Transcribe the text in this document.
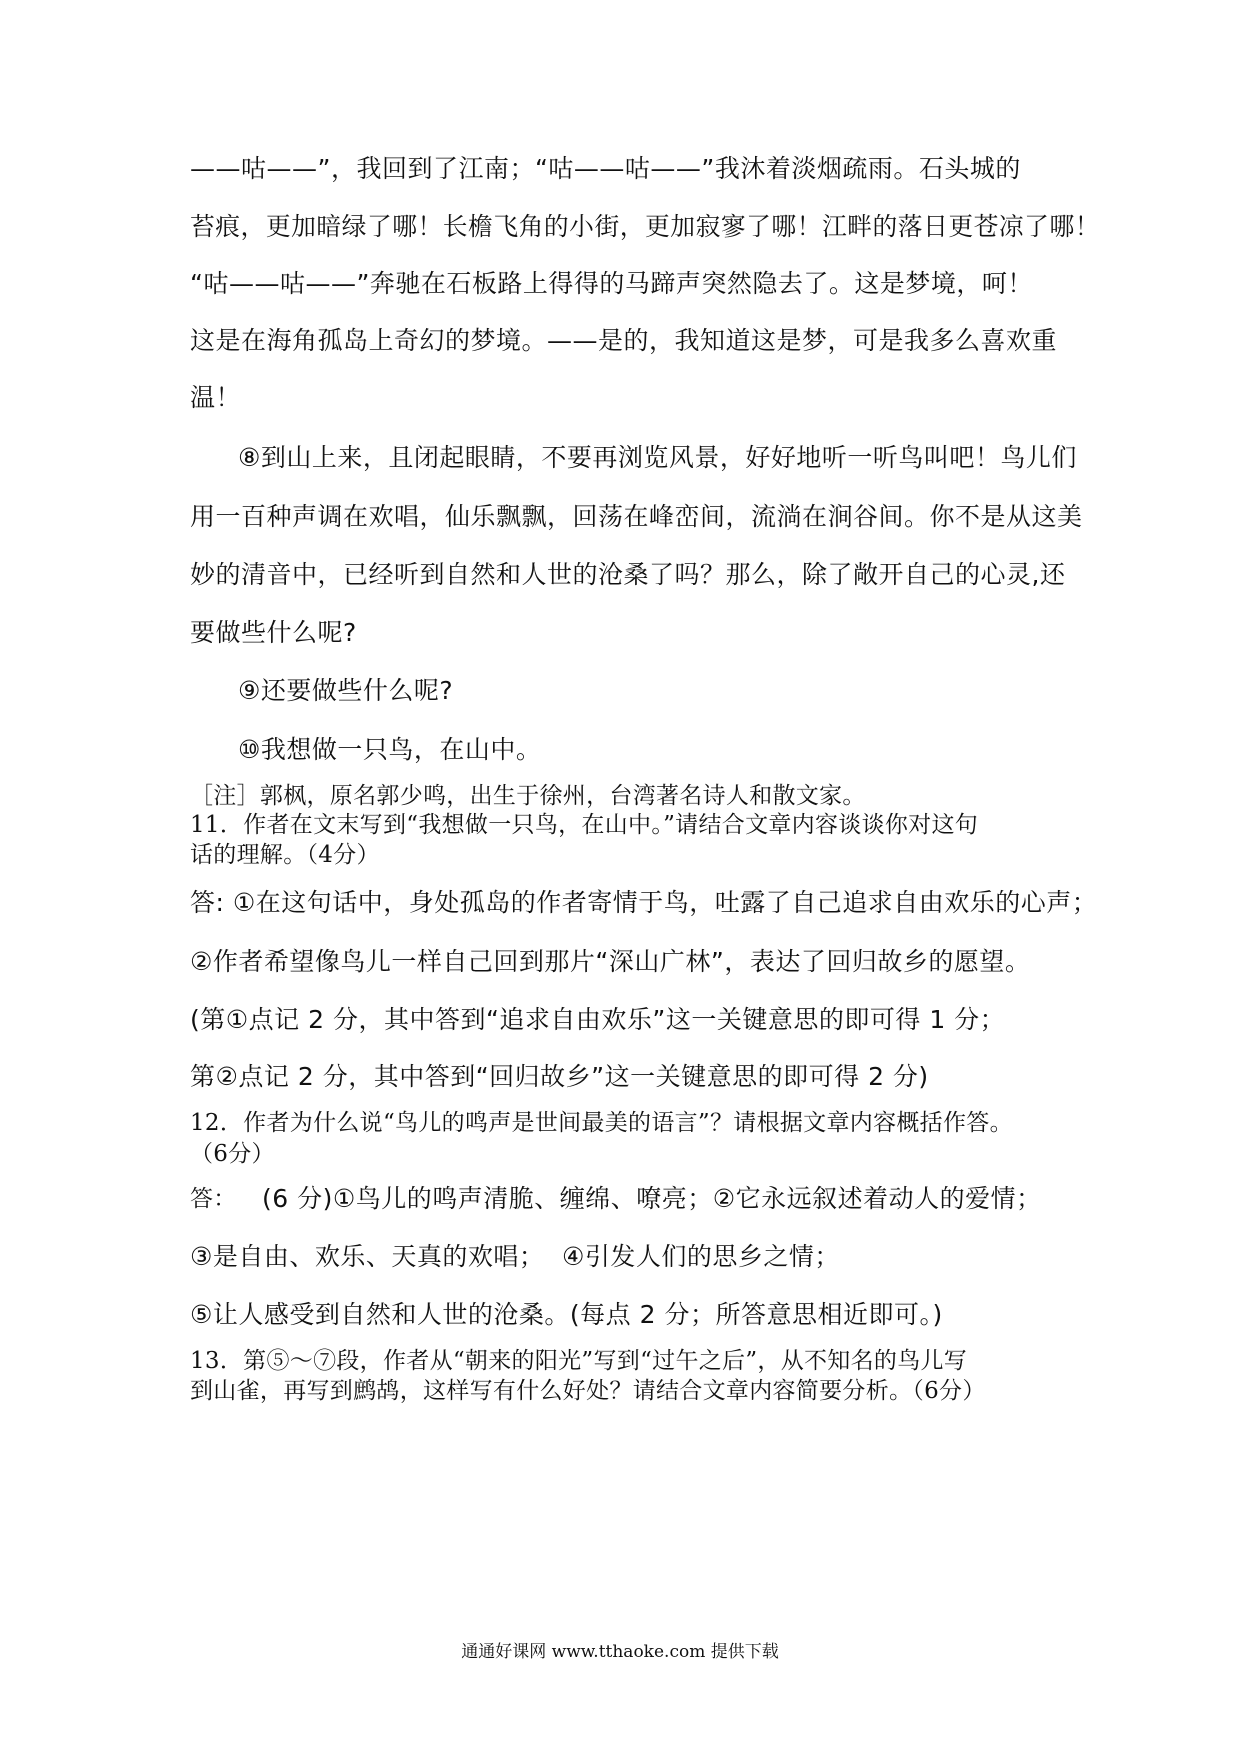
——咕——”，我回到了江南；“咕——咕——”我沐着淡烟疏雨。石头城的
苔痕，更加暗绿了哪！长檐飞角的小街，更加寂寥了哪！江畔的落日更苍凉了哪！
“咕——咕——”奔驰在石板路上得得的马蹄声突然隐去了。这是梦境，呵！
这是在海角孤岛上奇幻的梦境。——是的，我知道这是梦，可是我多么喜欢重
温！
⑧到山上来，且闭起眼睛，不要再浏览风景，好好地听一听鸟叫吧！鸟儿们
用一百种声调在欢唱，仙乐飘飘，回荡在峰峦间，流淌在涧谷间。你不是从这美
妙的清音中，已经听到自然和人世的沧桑了吗？那么，除了敞开自己的心灵,还
要做些什么呢?
⑨还要做些什么呢?
⑩我想做一只鸟，在山中。
［注］郭枫，原名郭少鸣，出生于徐州，台湾著名诗人和散文家。
11．作者在文末写到“我想做一只鸟，在山中。”请结合文章内容谈谈你对这句
话的理解。（4分）
答: ①在这句话中，身处孤岛的作者寄情于鸟，吐露了自己追求自由欢乐的心声；
②作者希望像鸟儿一样自己回到那片“深山广林”，表达了回归故乡的愿望。
(第①点记 2 分，其中答到“追求自由欢乐”这一关键意思的即可得 1 分；
第②点记 2 分，其中答到“回归故乡”这一关键意思的即可得 2 分)
12．作者为什么说“鸟儿的鸣声是世间最美的语言”？请根据文章内容概括作答。
（6分）
答： (6 分)①鸟儿的鸣声清脆、缠绵、嘹亮；②它永远叙述着动人的爱情；
③是自由、欢乐、天真的欢唱； ④引发人们的思乡之情；
⑤让人感受到自然和人世的沧桑。(每点 2 分；所答意思相近即可。)
13．第⑤～⑦段，作者从“朝来的阳光”写到“过午之后”，从不知名的鸟儿写
到山雀，再写到鹧鸪，这样写有什么好处？请结合文章内容简要分析。（6分）
通通好课网 www.tthaoke.com 提供下载
